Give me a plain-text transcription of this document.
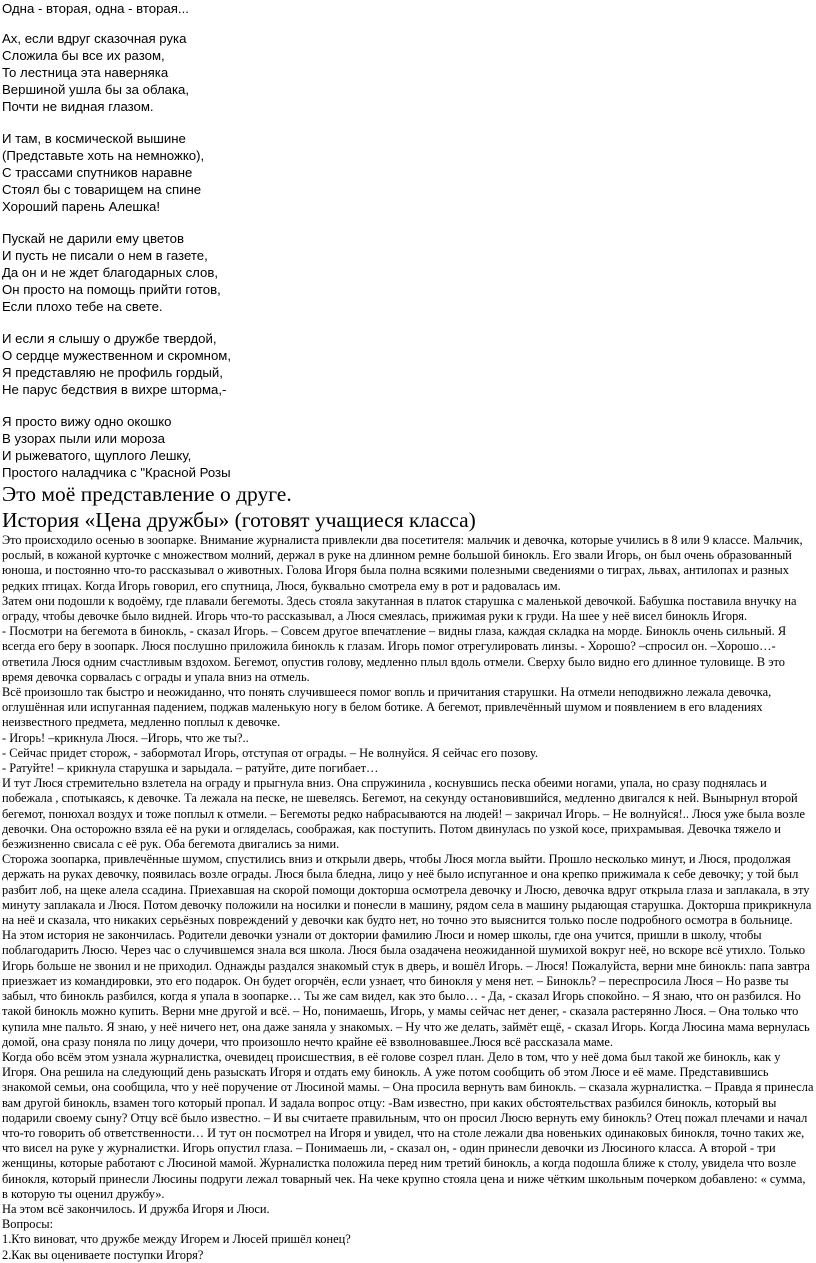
Одна - вторая, одна - вторая...
Ах, если вдруг сказочная рука
Сложила бы все их разом,
То лестница эта наверняка
Вершиной ушла бы за облака,
Почти не видная глазом.
И там, в космической вышине
(Представьте хоть на немножко),
С трассами спутников наравне
Стоял бы с товарищем на спине
Хороший парень Алешка!
Пускай не дарили ему цветов
И пусть не писали о нем в газете,
Да он и не ждет благодарных слов,
Он просто на помощь прийти готов,
Если плохо тебе на свете.
И если я слышу о дружбе твердой,
О сердце мужественном и скромном,
Я представляю не профиль гордый,
Не парус бедствия в вихре шторма,-
Я просто вижу одно окошко
В узорах пыли или мороза
И рыжеватого, щуплого Лешку,
Простого наладчика с "Красной Розы
Это моё представление о друге.
История «Цена дружбы» (готовят учащиеся класса)

Это происходило осенью в зоопарке. Внимание журналиста привлекли два посетителя: мальчик и девочка, которые учились в 8 или 9 классе. Мальчик, рослый, в кожаной курточке с множеством молний, держал в руке на длинном ремне большой бинокль. Его звали Игорь, он был очень образованный юноша, и постоянно что-то рассказывал о животных. Голова Игоря была полна всякими полезными сведениями о тиграх, львах, антилопах и разных редких птицах. Когда Игорь говорил, его спутница, Люся, буквально смотрела ему в рот и радовалась им.

Затем они подошли к водоёму, где плавали бегемоты. Здесь стояла закутанная в платок старушка с маленькой девочкой. Бабушка поставила внучку на ограду, чтобы девочке было видней. Игорь что-то рассказывал, а Люся смеялась, прижимая руки к груди. На шее у неё висел бинокль Игоря.

- Посмотри на бегемота в бинокль, - сказал Игорь. – Совсем другое впечатление – видны глаза, каждая складка на морде. Бинокль очень сильный. Я всегда его беру в зоопарк. Люся послушно приложила бинокль к глазам. Игорь помог отрегулировать линзы. - Хорошо? –спросил он. –Хорошо…- ответила Люся одним счастливым вздохом. Бегемот, опустив голову, медленно плыл вдоль отмели. Сверху было видно его длинное туловище. В это время девочка сорвалась с ограды и упала вниз на отмель.

Всё произошло так быстро и неожиданно, что понять случившееся помог вопль и причитания старушки. На отмели неподвижно лежала девочка, оглушённая или испуганная падением, поджав маленькую ногу в белом ботике. А бегемот, привлечённый шумом и появлением в его владениях неизвестного предмета, медленно поплыл к девочке.

- Игорь! –крикнула Люся. –Игорь, что же ты?..

- Сейчас придет сторож, - забормотал Игорь, отступая от ограды. – Не волнуйся. Я сейчас его позову.

- Ратуйте! – крикнула старушка и зарыдала. – ратуйте, дите погибает…

И тут Люся стремительно взлетела на ограду и прыгнула вниз. Она спружинила , коснувшись песка обеими ногами, упала, но сразу поднялась и побежала , спотыкаясь, к девочке. Та лежала на песке, не шевелясь. Бегемот, на секунду остановившийся, медленно двигался к ней. Вынырнул второй бегемот, понюхал воздух и тоже поплыл к отмели. – Бегемоты редко набрасываются на людей! – закричал Игорь. – Не волнуйся!.. Люся уже была возле девочки. Она осторожно взяла её на руки и огляделась, соображая, как поступить. Потом двинулась по узкой косе, прихрамывая. Девочка тяжело и безжизненно свисала с её рук. Оба бегемота двигались за ними.

Сторожа зоопарка, привлечённые шумом, спустились вниз и открыли дверь, чтобы Люся могла выйти. Прошло несколько минут, и Люся, продолжая держать на руках девочку, появилась возле ограды. Люся была бледна, лицо у неё было испуганное и она крепко прижимала к себе девочку; у той был разбит лоб, на щеке алела ссадина. Приехавшая на скорой помощи докторша осмотрела девочку и Люсю, девочка вдруг открыла глаза и заплакала, в эту минуту заплакала и Люся. Потом девочку положили на носилки и понесли в машину, рядом села в машину рыдающая старушка. Докторша прикрикнула на неё и сказала, что никаких серьёзных повреждений у девочки как будто нет, но точно это выяснится только после подробного осмотра в больнице.

На этом история не закончилась. Родители девочки узнали от доктории фамилию Люси и номер школы, где она учится, пришли в школу, чтобы поблагодарить Люсю. Через час о случившемся знала вся школа. Люся была озадачена неожиданной шумихой вокруг неё, но вскоре всё утихло. Только Игорь больше не звонил и не приходил. Однажды раздался знакомый стук в дверь, и вошёл Игорь. – Люся! Пожалуйста, верни мне бинокль: папа завтра приезжает из командировки, это его подарок. Он будет огорчён, если узнает, что бинокля у меня нет. – Бинокль? – переспросила Люся – Но разве ты забыл, что бинокль разбился, когда я упала в зоопарке… Ты же сам видел, как это было… - Да, - сказал Игорь спокойно. – Я знаю, что он разбился. Но такой бинокль можно купить. Верни мне другой и всё. – Но, понимаешь, Игорь, у мамы сейчас нет денег, - сказала растерянно Люся. – Она только что купила мне пальто. Я знаю, у неё ничего нет, она даже заняла у знакомых. – Ну что же делать, займёт ещё, - сказал Игорь. Когда Люсина мама вернулась домой, она сразу поняла по лицу дочери, что произошло нечто крайне её взволновавшее.Люся всё рассказала маме.

Когда обо всём этом узнала журналистка, очевидец происшествия, в её голове созрел план. Дело в том, что у неё дома был такой же бинокль, как у Игоря. Она решила на следующий день разыскать Игоря и отдать ему бинокль. А уже потом сообщить об этом Люсе и её маме. Представившись знакомой семьи, она сообщила, что у неё поручение от Люсиной мамы. – Она просила вернуть вам бинокль. – сказала журналистка. – Правда я принесла вам другой бинокль, взамен того который пропал. И задала вопрос отцу: -Вам известно, при каких обстоятельствах разбился бинокль, который вы подарили своему сыну? Отцу всё было известно. – И вы считаете правильным, что он просил Люсю вернуть ему бинокль? Отец пожал плечами и начал что-то говорить об ответственности… И тут он посмотрел на Игоря и увидел, что на столе лежали два новеньких одинаковых бинокля, точно таких же, что висел на руке у журналистки. Игорь опустил глаза. – Понимаешь ли, - сказал он, - один принесли девочки из Люсиного класса. А второй - три женщины, которые работают с Люсиной мамой. Журналистка положила перед ним третий бинокль, а когда подошла ближе к столу, увидела что возле бинокля, который принесли Люсины подруги лежал товарный чек. На чеке крупно стояла цена и ниже чётким школьным почерком добавлено: « сумма, в которую ты оценил дружбу».

На этом всё закончилось. И дружба Игоря и Люси.

Вопросы:

1.Кто виноват, что дружбе между Игорем и Люсей пришёл конец?

2.Как вы оцениваете поступки Игоря?
